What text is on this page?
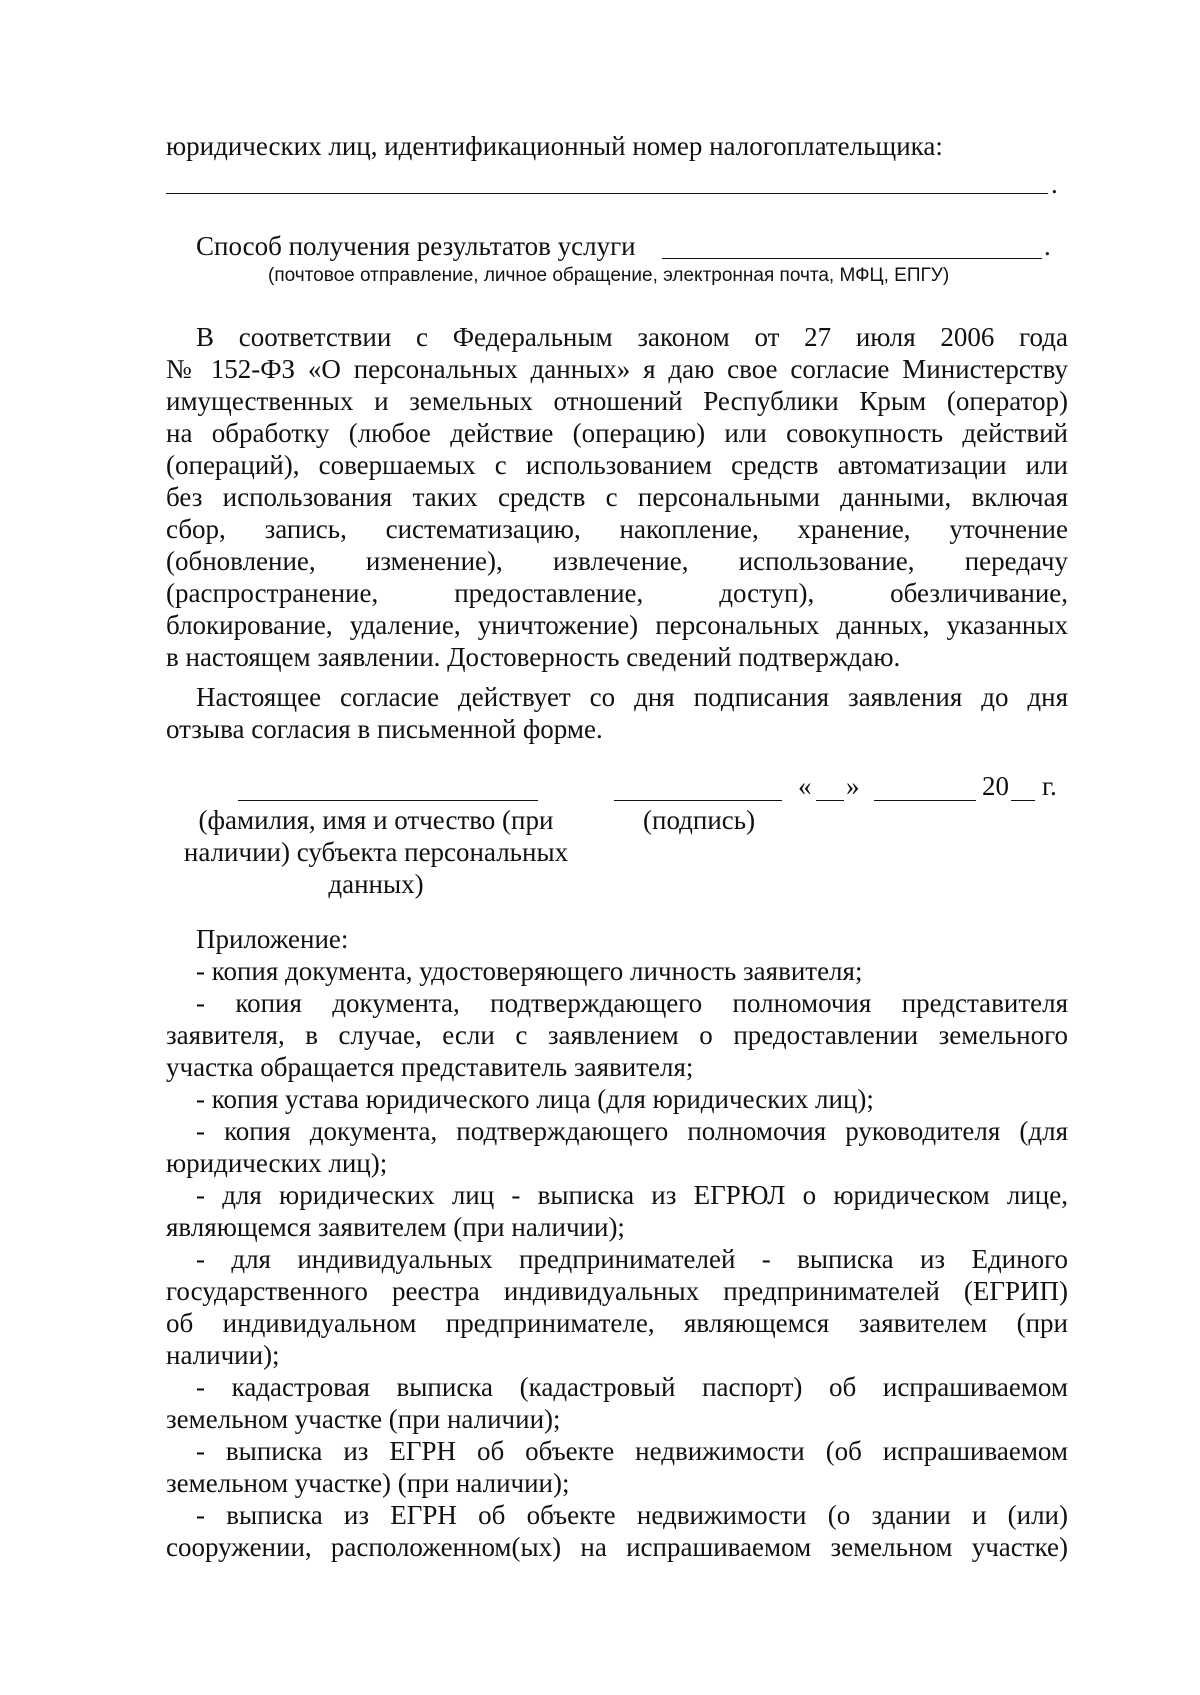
юридических лиц, идентификационный номер налогоплательщика:
.
Способ получения результатов услуги	.
(почтовое отправление, личное обращение, электронная почта, МФЦ, ЕПГУ)
В соответствии с Федеральным законом от 27 июля 2006 года
№ 152-ФЗ «О персональных данных» я даю свое согласие Министерству
имущественных и земельных отношений Республики Крым (оператор)
на обработку (любое действие (операцию) или совокупность действий
(операций), совершаемых с использованием средств автоматизации или
без использования таких средств с персональными данными, включая
сбор, запись, систематизацию, накопление, хранение, уточнение
(обновление, изменение), извлечение, использование, передачу
(распространение, предоставление, доступ), обезличивание,
блокирование, удаление, уничтожение) персональных данных, указанных
в настоящем заявлении. Достоверность сведений подтверждаю.
Настоящее согласие действует со дня подписания заявления до дня
отзыва согласия в письменной форме.
« »	20 г.
(фамилия, имя и отчество (при
наличии) субъекта персональных
данных)
(подпись)
Приложение:
- копия документа, удостоверяющего личность заявителя;
- копия документа, подтверждающего полномочия представителя
заявителя, в случае, если с заявлением о предоставлении земельного
участка обращается представитель заявителя;
- копия устава юридического лица (для юридических лиц);
- копия документа, подтверждающего полномочия руководителя (для
юридических лиц);
- для юридических лиц - выписка из ЕГРЮЛ о юридическом лице,
являющемся заявителем (при наличии);
- для индивидуальных предпринимателей - выписка из Единого
государственного реестра индивидуальных предпринимателей (ЕГРИП)
об индивидуальном предпринимателе, являющемся заявителем (при
наличии);
- кадастровая выписка (кадастровый паспорт) об испрашиваемом
земельном участке (при наличии);
- выписка из ЕГРН об объекте недвижимости (об испрашиваемом
земельном участке) (при наличии);
- выписка из ЕГРН об объекте недвижимости (о здании и (или)
сооружении, расположенном(ых) на испрашиваемом земельном участке)
